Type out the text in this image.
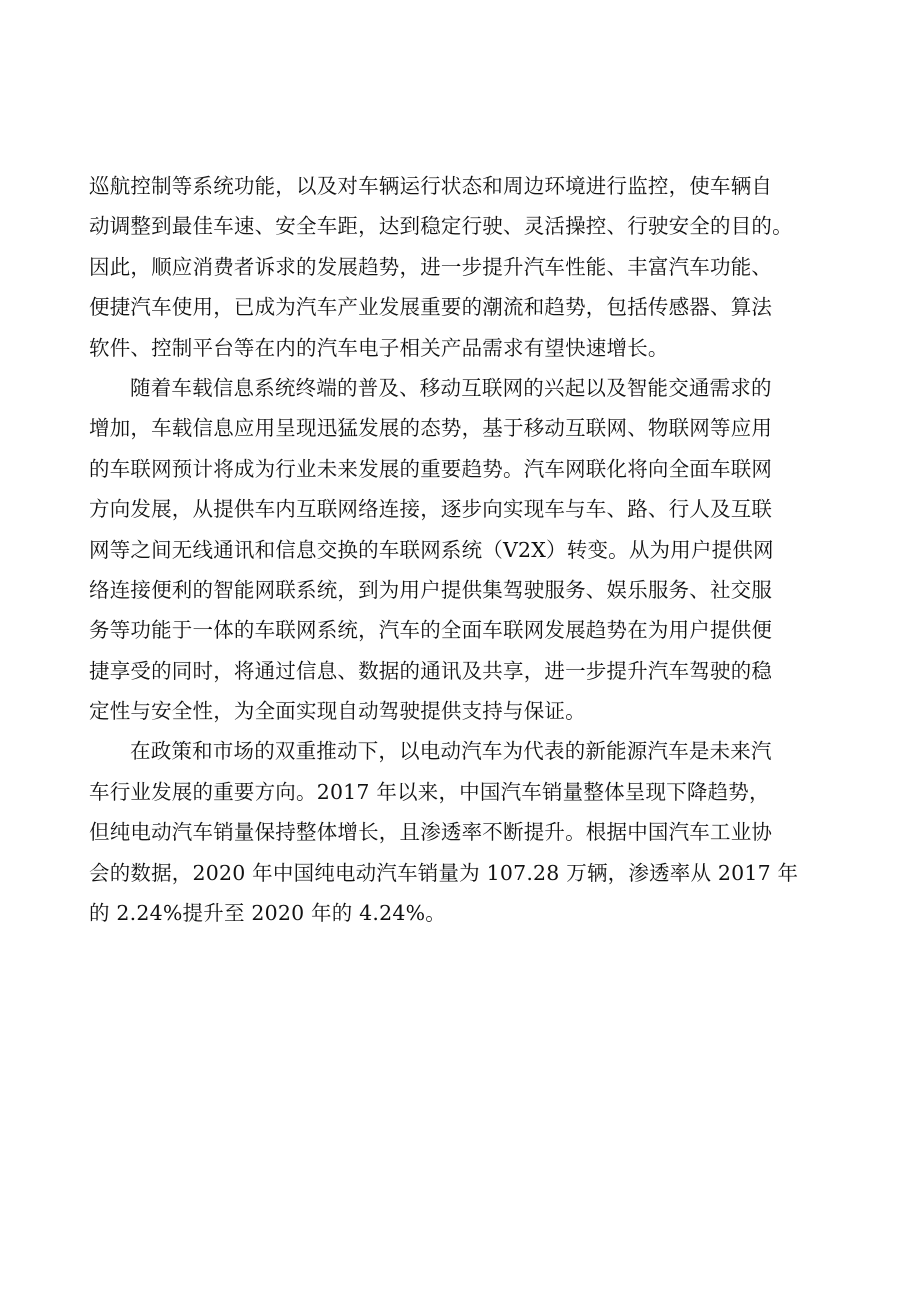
巡航控制等系统功能，以及对车辆运行状态和周边环境进行监控，使车辆自
动调整到最佳车速、安全车距，达到稳定行驶、灵活操控、行驶安全的目的。
因此，顺应消费者诉求的发展趋势，进一步提升汽车性能、丰富汽车功能、
便捷汽车使用，已成为汽车产业发展重要的潮流和趋势，包括传感器、算法
软件、控制平台等在内的汽车电子相关产品需求有望快速增长。
随着车载信息系统终端的普及、移动互联网的兴起以及智能交通需求的
增加，车载信息应用呈现迅猛发展的态势，基于移动互联网、物联网等应用
的车联网预计将成为行业未来发展的重要趋势。汽车网联化将向全面车联网
方向发展，从提供车内互联网络连接，逐步向实现车与车、路、行人及互联
网等之间无线通讯和信息交换的车联网系统（V2X）转变。从为用户提供网
络连接便利的智能网联系统，到为用户提供集驾驶服务、娱乐服务、社交服
务等功能于一体的车联网系统，汽车的全面车联网发展趋势在为用户提供便
捷享受的同时，将通过信息、数据的通讯及共享，进一步提升汽车驾驶的稳
定性与安全性，为全面实现自动驾驶提供支持与保证。
在政策和市场的双重推动下，以电动汽车为代表的新能源汽车是未来汽
车行业发展的重要方向。2017 年以来，中国汽车销量整体呈现下降趋势，
但纯电动汽车销量保持整体增长，且渗透率不断提升。根据中国汽车工业协
会的数据，2020 年中国纯电动汽车销量为 107.28 万辆，渗透率从 2017 年
的 2.24%提升至 2020 年的 4.24%。
